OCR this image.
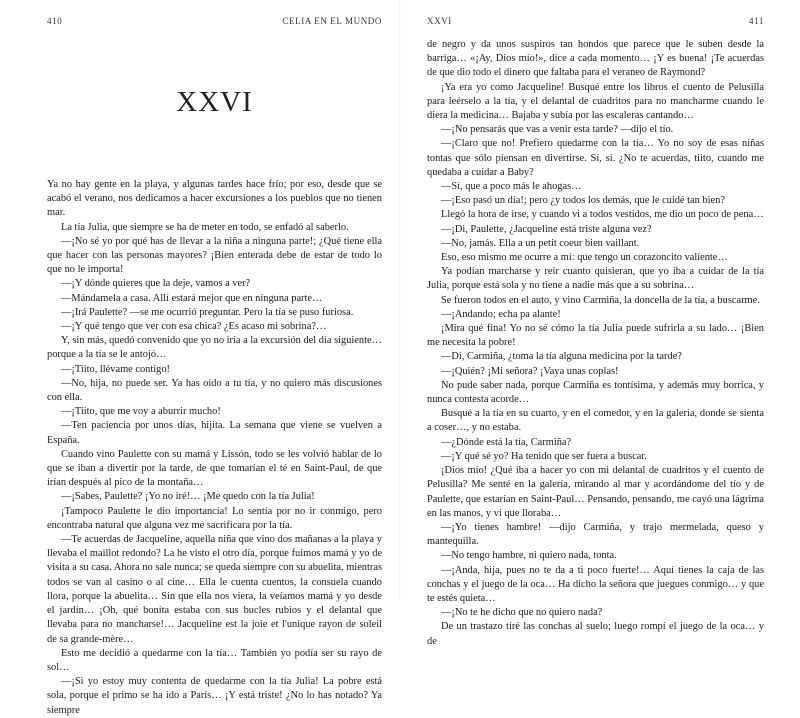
410	CELIA EN EL MUNDO
XXVI

Ya no hay gente en la playa, y algunas tardes hace frío; por eso, desde que se acabó el verano, nos dedicamos a hacer excursiones a los pueblos que no tienen mar.

La tía Julia, que siempre se ha de meter en todo, se enfadó al saberlo.

—¡No sé yo por qué has de llevar a la niña a ninguna parte!; ¿Qué tiene ella que hacer con las personas mayores? ¡Bien enterada debe de estar de todo lo que no le importa!

—¡Y dónde quieres que la deje, vamos a ver?

—Mándamela a casa. Allí estará mejor que en ninguna parte…

—¡Irá Paulette? —se me ocurrió preguntar. Pero la tía se puso furiosa.

—¡Y qué tengo que ver con esa chica? ¿Es acaso mi sobrina?…

Y, sin más, quedó convenido que yo no iría a la excursión del día siguiente… porque a la tía se le antojó…

—¡Tiito, llévame contigo!

—No, hija, no puede ser. Ya has oído a tu tía, y no quiero más discusiones con ella.

—¡Tiito, que me voy a aburrir mucho!

—Ten paciencia por unos días, hijita. La semana que viene se vuelven a España.

Cuando vino Paulette con su mamá y Lissón, todo se les volvió hablar de lo que se iban a divertir por la tarde, de que tomarían el té en Saint-Paul, de que irían después al pico de la montaña…

—¡Sabes, Paulette? ¡Yo no iré!… ¡Me quedo con la tía Julia!

¡Tampoco Paulette le dio importancia! Lo sentía por no ir conmigo, pero encontraba natural que alguna vez me sacrificara por la tía.

—Te acuerdas de Jacqueline, aquella niña que vino dos mañanas a la playa y llevaba el maillot redondo? La he visto el otro día, porque fuimos mamá y yo de visita a su casa. Ahora no sale nunca; se queda siempre con su abuelita, mientras todos se van al casino o al cine… Ella le cuenta cuentos, la consuela cuando llora, porque la abuelita… Sin que ella nos viera, la veíamos mamá y yo desde el jardín… ¡Oh, qué bonita estaba con sus bucles rubios y el delantal que llevaba para no mancharse!… Jacqueline est la joie et l'unique rayon de soleil de sa grande-mère…

Esto me decidió a quedarme con la tía… También yo podía ser su rayo de sol…

—¡Si yo estoy muy contenta de quedarme con la tía Julia! La pobre está sola, porque el primo se ha ido a París… ¡Y está triste! ¿No lo has notado? Ya siempre

XXVI	411

de negro y da unos suspiros tan hondos que parece que le suben desde la barriga… «¡Ay, Dios mío!», dice a cada momento… ¡Y es buena! ¡Te acuerdas de que dio todo el dinero que faltaba para el veraneo de Raymond?

¡Ya era yo como Jacqueline! Busqué entre los libros el cuento de Pelusilla para leérselo a la tía, y el delantal de cuadritos para no mancharme cuando le diera la medicina… Bajaba y subía por las escaleras cantando…

—¡No pensarás que vas a venir esta tarde? —dijo el tío.

—¡Claro que no! Prefiero quedarme con la tía… Yo no soy de esas niñas tontas que sólo piensan en divertirse. Sí, sí. ¿No te acuerdas, tiito, cuando me quedaba a cuidar a Baby?

—Sí, que a poco más le ahogas…

—¡Eso pasó un día!; pero ¿y todos los demás, que le cuidé tan bien?

Llegó la hora de irse, y cuando vi a todos vestidos, me dio un poco de pena…

—¡Di, Paulette, ¿Jacqueline está triste alguna vez?

—No, jamás. Ella a un petit coeur bien vaillant.

Eso, eso mismo me ocurre a mí: que tengo un corazoncito valiente…

Ya podían marcharse y reír cuanto quisieran, que yo iba a cuidar de la tía Julia, porque está sola y no tiene a nadie más que a su sobrina…

Se fueron todos en el auto, y vino Carmiña, la doncella de la tía, a buscarme.

—¡Andando; echa pa alante!

¡Mira qué fina! Yo no sé cómo la tía Julia puede sufrirla a su lado… ¡Bien me necesita la pobre!

—Di, Carmiña, ¿toma la tía alguna medicina por la tarde?

—¡Quién? ¡Mi señora? ¡Vaya unas coplas!

No pude saber nada, porque Carmiña es tontísima, y además muy borrica, y nunca contesta acorde…

Busqué a la tía en su cuarto, y en el comedor, y en la galería, donde se sienta a coser…, y no estaba.

—¿Dónde está la tía, Carmiña?

—¡Y qué sé yo? Ha tenido que ser fuera a buscar.

¡Dios mío! ¿Qué iba a hacer yo con mi delantal de cuadritos y el cuento de Pelusilla? Me senté en la galería, mirando al mar y acordándome del tío y de Paulette, que estarían en Saint-Paul… Pensando, pensando, me cayó una lágrima en las manos, y vi que lloraba…

—¡Yo tienes hambre! —dijo Carmiña, y trajo mermelada, queso y mantequilla.

—No tengo hambre, ni quiero nada, tonta.

—¡Anda, hija, pues no te da a ti poco fuerte!… Aquí tienes la caja de las conchas y el juego de la oca… Ha dicho la señora que juegues conmigo… y que te estés quieta…

—¡No te he dicho que no quiero nada?

De un trastazo tiré las conchas al suelo; luego rompí el juego de la oca… y de
